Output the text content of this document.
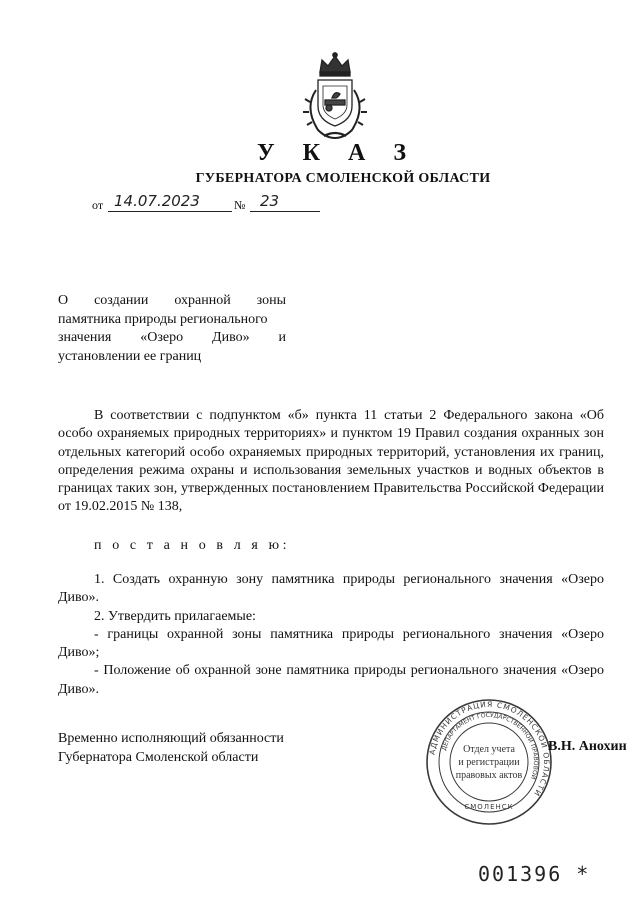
У К А З
ГУБЕРНАТОРА СМОЛЕНСКОЙ ОБЛАСТИ
от 14.07.2023	№ 23
О создании охранной зоны
памятника природы регионального
значения «Озеро Диво» и
установлении ее границ
В соответствии с подпунктом «б» пункта 11 статьи 2 Федерального закона «Об особо охраняемых природных территориях» и пунктом 19 Правил создания охранных зон отдельных категорий особо охраняемых природных территорий, установления их границ, определения режима охраны и использования земельных участков и водных объектов в границах таких зон, утвержденных постановлением Правительства Российской Федерации от 19.02.2015 № 138,
п о с т а н о в л я ю:

1. Создать охранную зону памятника природы регионального значения «Озеро Диво».

2. Утвердить прилагаемые:

- границы охранной зоны памятника природы регионального значения «Озеро Диво»;

- Положение об охранной зоне памятника природы регионального значения «Озеро Диво».

Временно исполняющий обязанности
Губернатора Смоленской области	АДМИНИСТРАЦИЯ СМОЛЕНСКОЙ ОБЛАСТИ
ДЕПАРТАМЕНТ ГОСУДАРСТВЕННОЙ ПРАВОВОЙ
Отдел учета
и регистрации
правовых актов
СМОЛЕНСК
В.Н. Анохин
001396 *
